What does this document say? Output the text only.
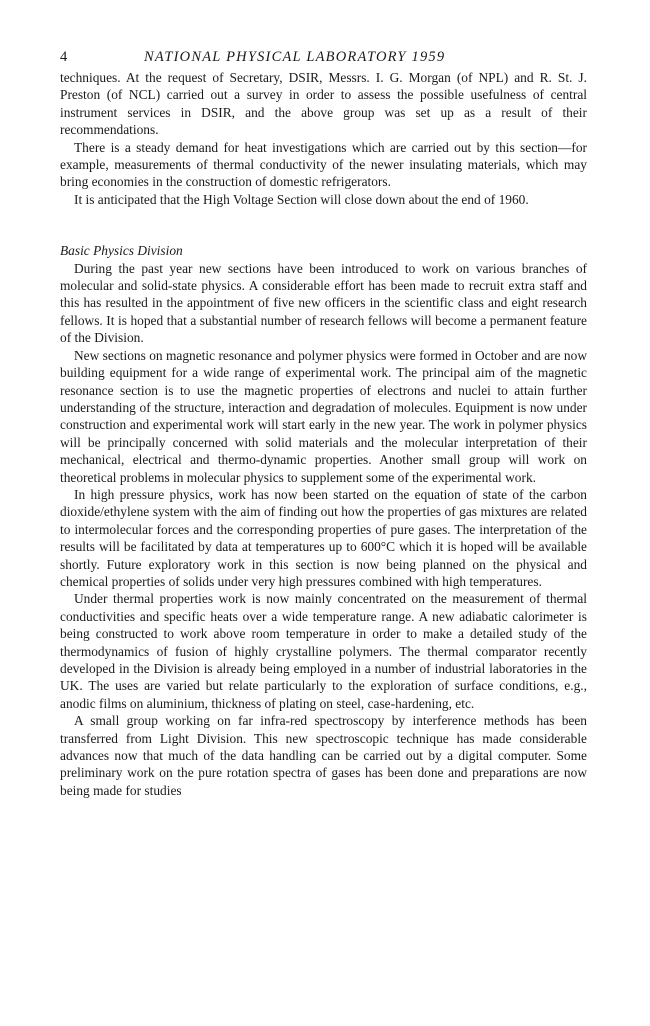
4	NATIONAL PHYSICAL LABORATORY 1959

techniques. At the request of Secretary, DSIR, Messrs. I. G. Morgan (of NPL) and R. St. J. Preston (of NCL) carried out a survey in order to assess the possible usefulness of central instrument services in DSIR, and the above group was set up as a result of their recommendations.

There is a steady demand for heat investigations which are carried out by this section—for example, measurements of thermal conductivity of the newer insulating materials, which may bring economies in the construction of domestic refrigerators.

It is anticipated that the High Voltage Section will close down about the end of 1960.

Basic Physics Division

During the past year new sections have been introduced to work on various branches of molecular and solid-state physics. A considerable effort has been made to recruit extra staff and this has resulted in the appointment of five new officers in the scientific class and eight research fellows. It is hoped that a substantial number of research fellows will become a permanent feature of the Division.

New sections on magnetic resonance and polymer physics were formed in October and are now building equipment for a wide range of experimental work. The principal aim of the magnetic resonance section is to use the magnetic properties of electrons and nuclei to attain further understanding of the structure, interaction and degradation of molecules. Equipment is now under construction and experimental work will start early in the new year. The work in polymer physics will be principally concerned with solid materials and the molecular interpretation of their mechanical, electrical and thermo-dynamic properties. Another small group will work on theoretical problems in molecular physics to supplement some of the experimental work.

In high pressure physics, work has now been started on the equation of state of the carbon dioxide/ethylene system with the aim of finding out how the properties of gas mixtures are related to intermolecular forces and the corresponding properties of pure gases. The interpretation of the results will be facilitated by data at temperatures up to 600°C which it is hoped will be available shortly. Future exploratory work in this section is now being planned on the physical and chemical properties of solids under very high pressures combined with high temperatures.

Under thermal properties work is now mainly concentrated on the measurement of thermal conductivities and specific heats over a wide temperature range. A new adiabatic calorimeter is being constructed to work above room temperature in order to make a detailed study of the thermodynamics of fusion of highly crystalline polymers. The thermal comparator recently developed in the Division is already being employed in a number of industrial laboratories in the UK. The uses are varied but relate particularly to the exploration of surface conditions, e.g., anodic films on aluminium, thickness of plating on steel, case-hardening, etc.

A small group working on far infra-red spectroscopy by interference methods has been transferred from Light Division. This new spectroscopic technique has made considerable advances now that much of the data handling can be carried out by a digital computer. Some preliminary work on the pure rotation spectra of gases has been done and preparations are now being made for studies
